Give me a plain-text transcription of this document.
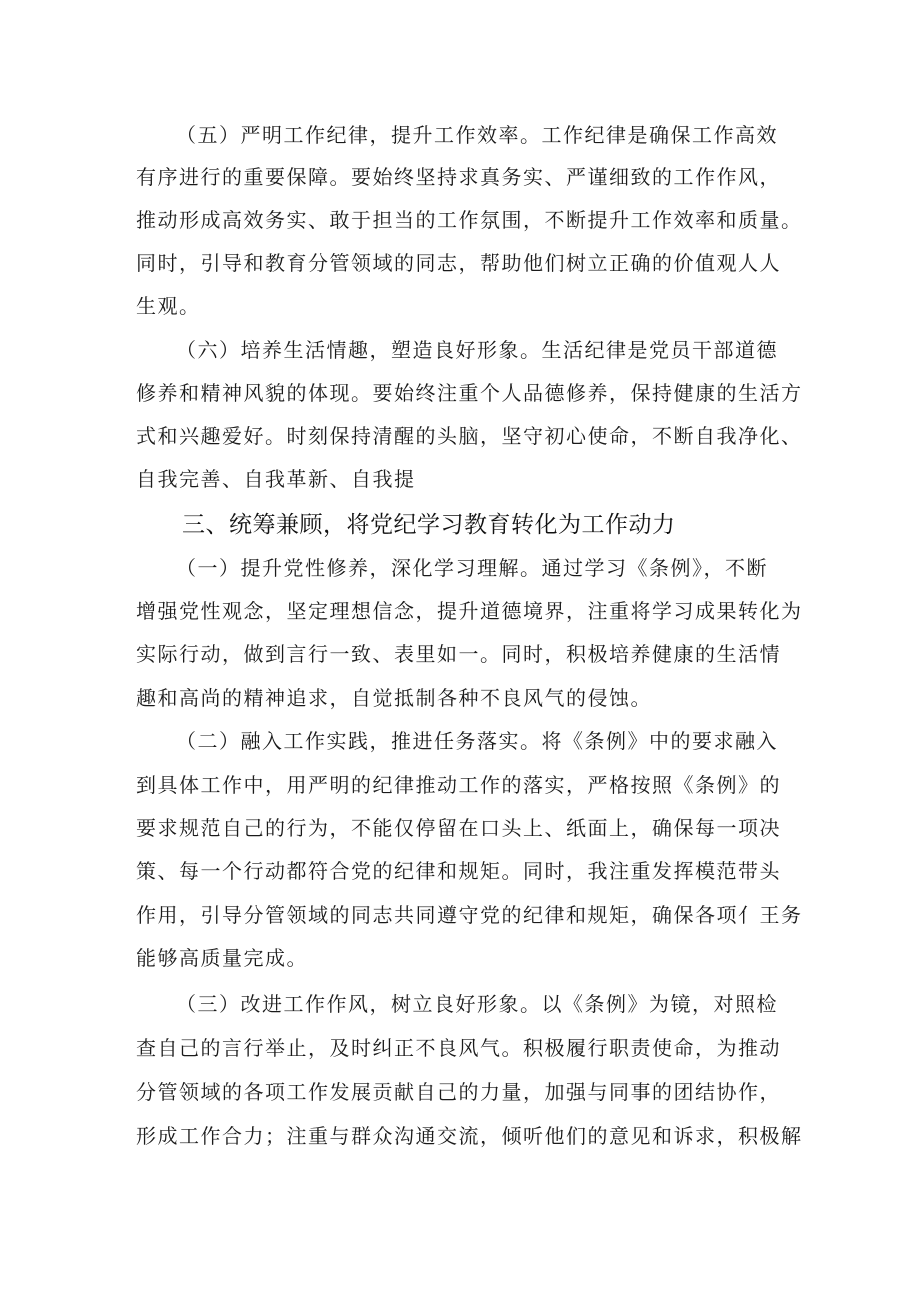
（五）严明工作纪律，提升工作效率。工作纪律是确保工作高效
有序进行的重要保障。要始终坚持求真务实、严谨细致的工作作风，
推动形成高效务实、敢于担当的工作氛围，不断提升工作效率和质量。
同时，引导和教育分管领域的同志，帮助他们树立正确的价值观人人
生观。
（六）培养生活情趣，塑造良好形象。生活纪律是党员干部道德
修养和精神风貌的体现。要始终注重个人品德修养，保持健康的生活方
式和兴趣爱好。时刻保持清醒的头脑，坚守初心使命，不断自我净化、
自我完善、自我革新、自我提
三、统筹兼顾，将党纪学习教育转化为工作动力
（一）提升党性修养，深化学习理解。通过学习《条例》，不断
增强党性观念，坚定理想信念，提升道德境界，注重将学习成果转化为
实际行动，做到言行一致、表里如一。同时，积极培养健康的生活情
趣和高尚的精神追求，自觉抵制各种不良风气的侵蚀。
（二）融入工作实践，推进任务落实。将《条例》中的要求融入
到具体工作中，用严明的纪律推动工作的落实，严格按照《条例》的
要求规范自己的行为，不能仅停留在口头上、纸面上，确保每一项决
策、每一个行动都符合党的纪律和规矩。同时，我注重发挥模范带头
作用，引导分管领域的同志共同遵守党的纪律和规矩，确保各项亻王务
能够高质量完成。
（三）改进工作作风，树立良好形象。以《条例》为镜，对照检
查自己的言行举止，及时纠正不良风气。积极履行职责使命，为推动
分管领域的各项工作发展贡献自己的力量，加强与同事的团结协作，
形成工作合力；注重与群众沟通交流，倾听他们的意见和诉求，积极解
